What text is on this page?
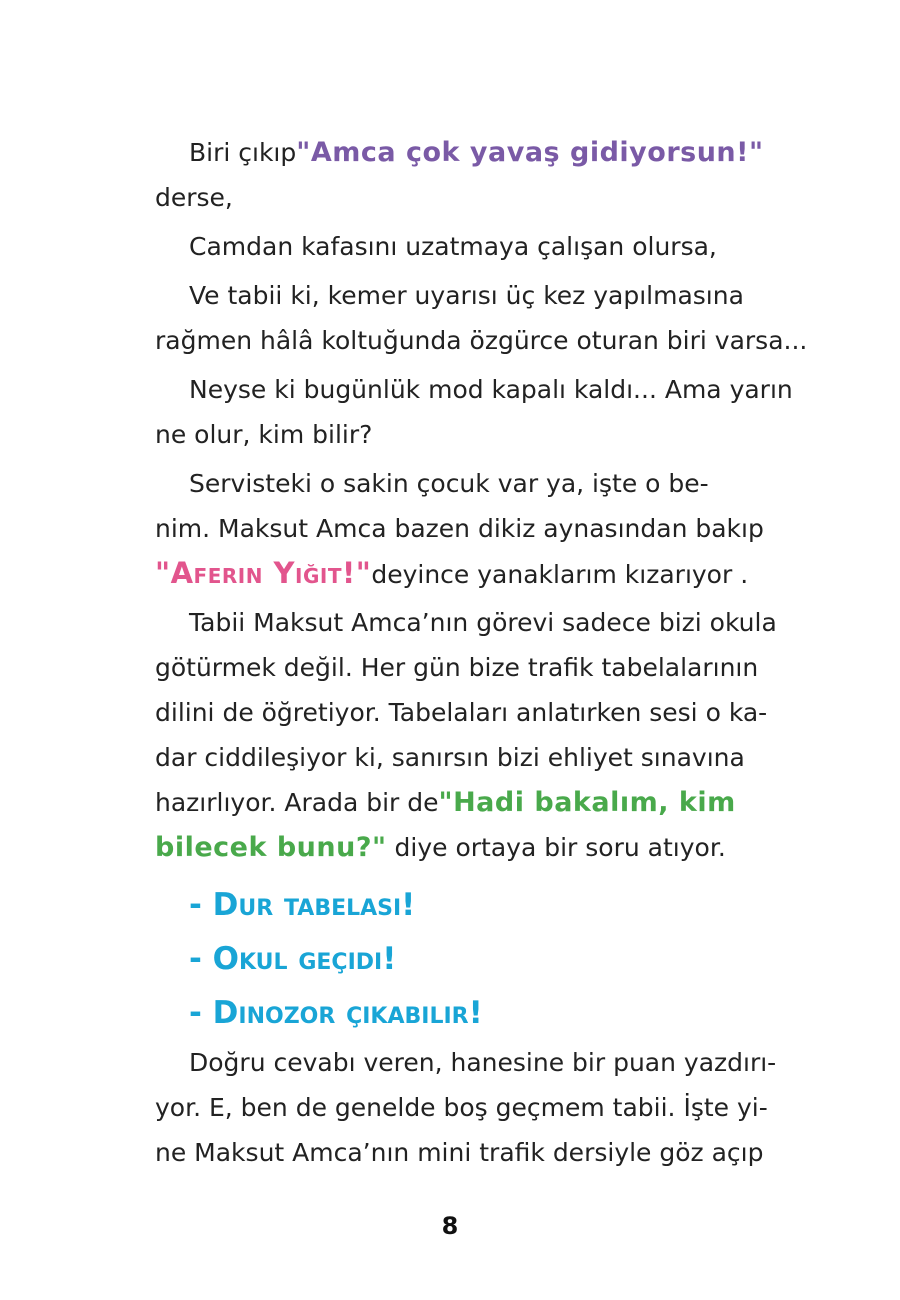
Biri çıkıp "Amca çok yavaş gidiyorsun!"
derse,
Camdan kafasını uzatmaya çalışan olursa,
Ve tabii ki, kemer uyarısı üç kez yapılmasına
rağmen hâlâ koltuğunda özgürce oturan biri varsa...
Neyse ki bugünlük mod kapalı kaldı... Ama yarın
ne olur, kim bilir?
Servisteki o sakin çocuk var ya, işte o be-
nim. Maksut Amca bazen dikiz aynasından bakıp
"Aferin Yiğit!" deyince yanaklarım kızarıyor .
Tabii Maksut Amca’nın görevi sadece bizi okula
götürmek değil. Her gün bize trafik tabelalarının
dilini de öğretiyor. Tabelaları anlatırken sesi o ka-
dar ciddileşiyor ki, sanırsın bizi ehliyet sınavına
hazırlıyor. Arada bir de "Hadi bakalım, kim
bilecek bunu?" diye ortaya bir soru atıyor.
- Dur tabelası!
- Okul geçidi!
- Dinozor çıkabilir!
Doğru cevabı veren, hanesine bir puan yazdırı-
yor. E, ben de genelde boş geçmem tabii. İşte yi-
ne Maksut Amca’nın mini trafik dersiyle göz açıp
8
